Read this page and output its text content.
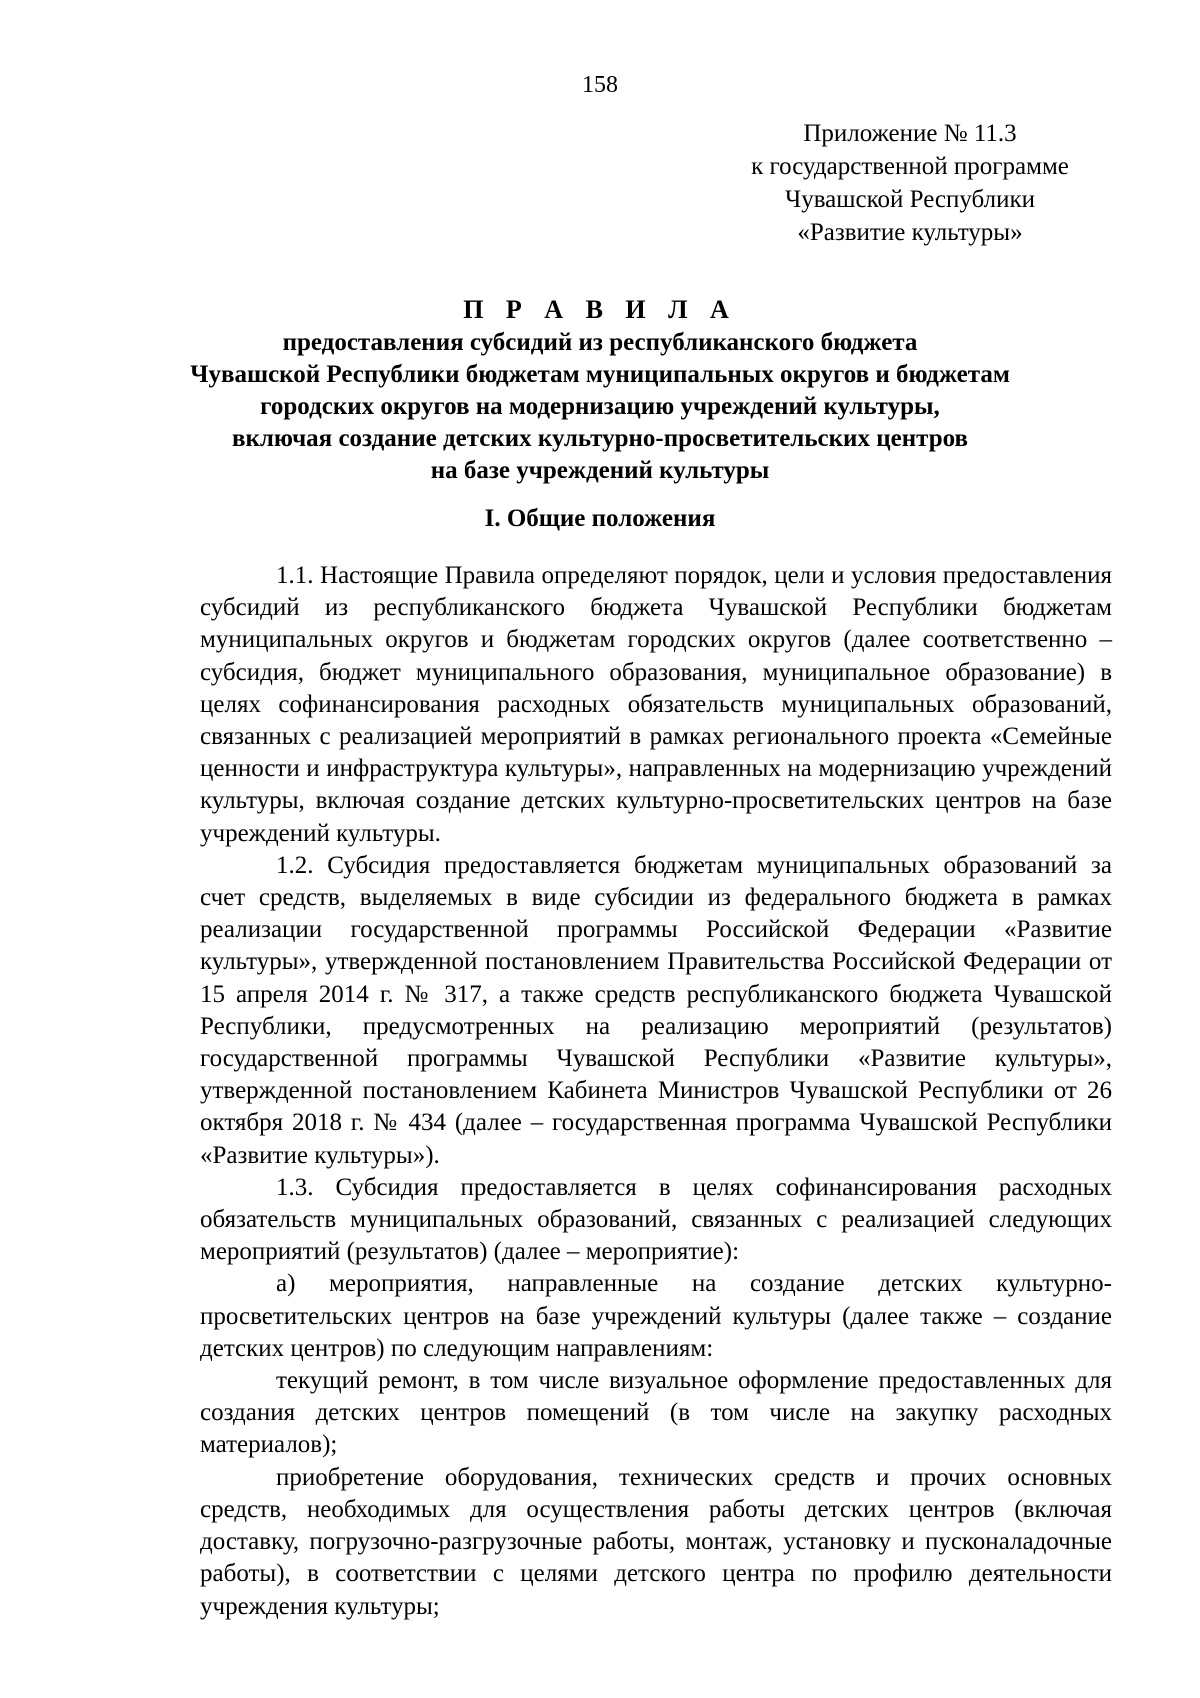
158
Приложение № 11.3
к государственной программе
Чувашской Республики
«Развитие культуры»
П Р А В И Л А
предоставления субсидий из республиканского бюджета
Чувашской Республики бюджетам муниципальных округов и бюджетам
городских округов на модернизацию учреждений культуры,
включая создание детских культурно-просветительских центров
на базе учреждений культуры
I. Общие положения

1.1. Настоящие Правила определяют порядок, цели и условия предоставления субсидий из республиканского бюджета Чувашской Республики бюджетам муниципальных округов и бюджетам городских округов (далее соответственно – субсидия, бюджет муниципального образования, муниципальное образование) в целях софинансирования расходных обязательств муниципальных образований, связанных с реализацией мероприятий в рамках регионального проекта «Семейные ценности и инфраструктура культуры», направленных на модернизацию учреждений культуры, включая создание детских культурно-просветительских центров на базе учреждений культуры.

1.2. Субсидия предоставляется бюджетам муниципальных образований за счет средств, выделяемых в виде субсидии из федерального бюджета в рамках реализации государственной программы Российской Федерации «Развитие культуры», утвержденной постановлением Правительства Российской Федерации от 15 апреля 2014 г. № 317, а также средств республиканского бюджета Чувашской Республики, предусмотренных на реализацию мероприятий (результатов) государственной программы Чувашской Республики «Развитие культуры», утвержденной постановлением Кабинета Министров Чувашской Республики от 26 октября 2018 г. № 434 (далее – государственная программа Чувашской Республики «Развитие культуры»).

1.3. Субсидия предоставляется в целях софинансирования расходных обязательств муниципальных образований, связанных с реализацией следующих мероприятий (результатов) (далее – мероприятие):

а) мероприятия, направленные на создание детских культурно-просветительских центров на базе учреждений культуры (далее также – создание детских центров) по следующим направлениям:

текущий ремонт, в том числе визуальное оформление предоставленных для создания детских центров помещений (в том числе на закупку расходных материалов);

приобретение оборудования, технических средств и прочих основных средств, необходимых для осуществления работы детских центров (включая доставку, погрузочно-разгрузочные работы, монтаж, установку и пусконаладочные работы), в соответствии с целями детского центра по профилю деятельности учреждения культуры;
